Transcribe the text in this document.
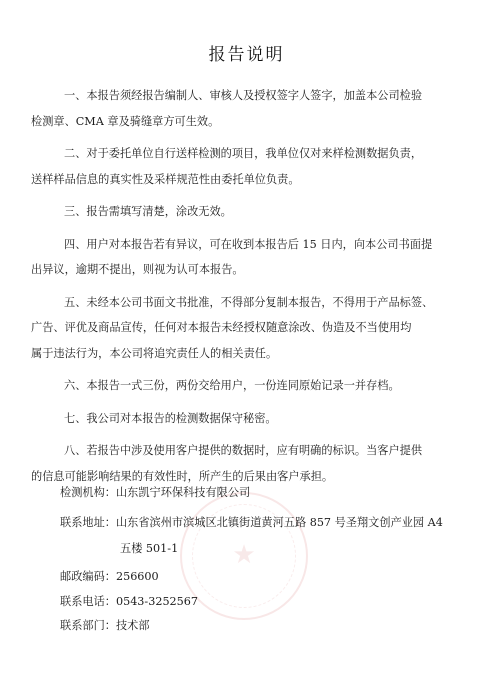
报告说明
一、本报告须经报告编制人、审核人及授权签字人签字，加盖本公司检验
检测章、CMA 章及骑缝章方可生效。
二、对于委托单位自行送样检测的项目，我单位仅对来样检测数据负责，
送样样品信息的真实性及采样规范性由委托单位负责。
三、报告需填写清楚，涂改无效。
四、用户对本报告若有异议，可在收到本报告后 15 日内，向本公司书面提
出异议，逾期不提出，则视为认可本报告。
五、未经本公司书面文书批准，不得部分复制本报告，不得用于产品标签、
广告、评优及商品宣传，任何对本报告未经授权随意涂改、伪造及不当使用均
属于违法行为，本公司将追究责任人的相关责任。
六、本报告一式三份，两份交给用户，一份连同原始记录一并存档。
七、我公司对本报告的检测数据保守秘密。
八、若报告中涉及使用客户提供的数据时，应有明确的标识。当客户提供
的信息可能影响结果的有效性时，所产生的后果由客户承担。
★
检测机构：山东凯宁环保科技有限公司
联系地址：山东省滨州市滨城区北镇街道黄河五路 857 号圣翔文创产业园 A4
五楼 501-1
邮政编码：256600
联系电话：0543-3252567
联系部门：技术部
